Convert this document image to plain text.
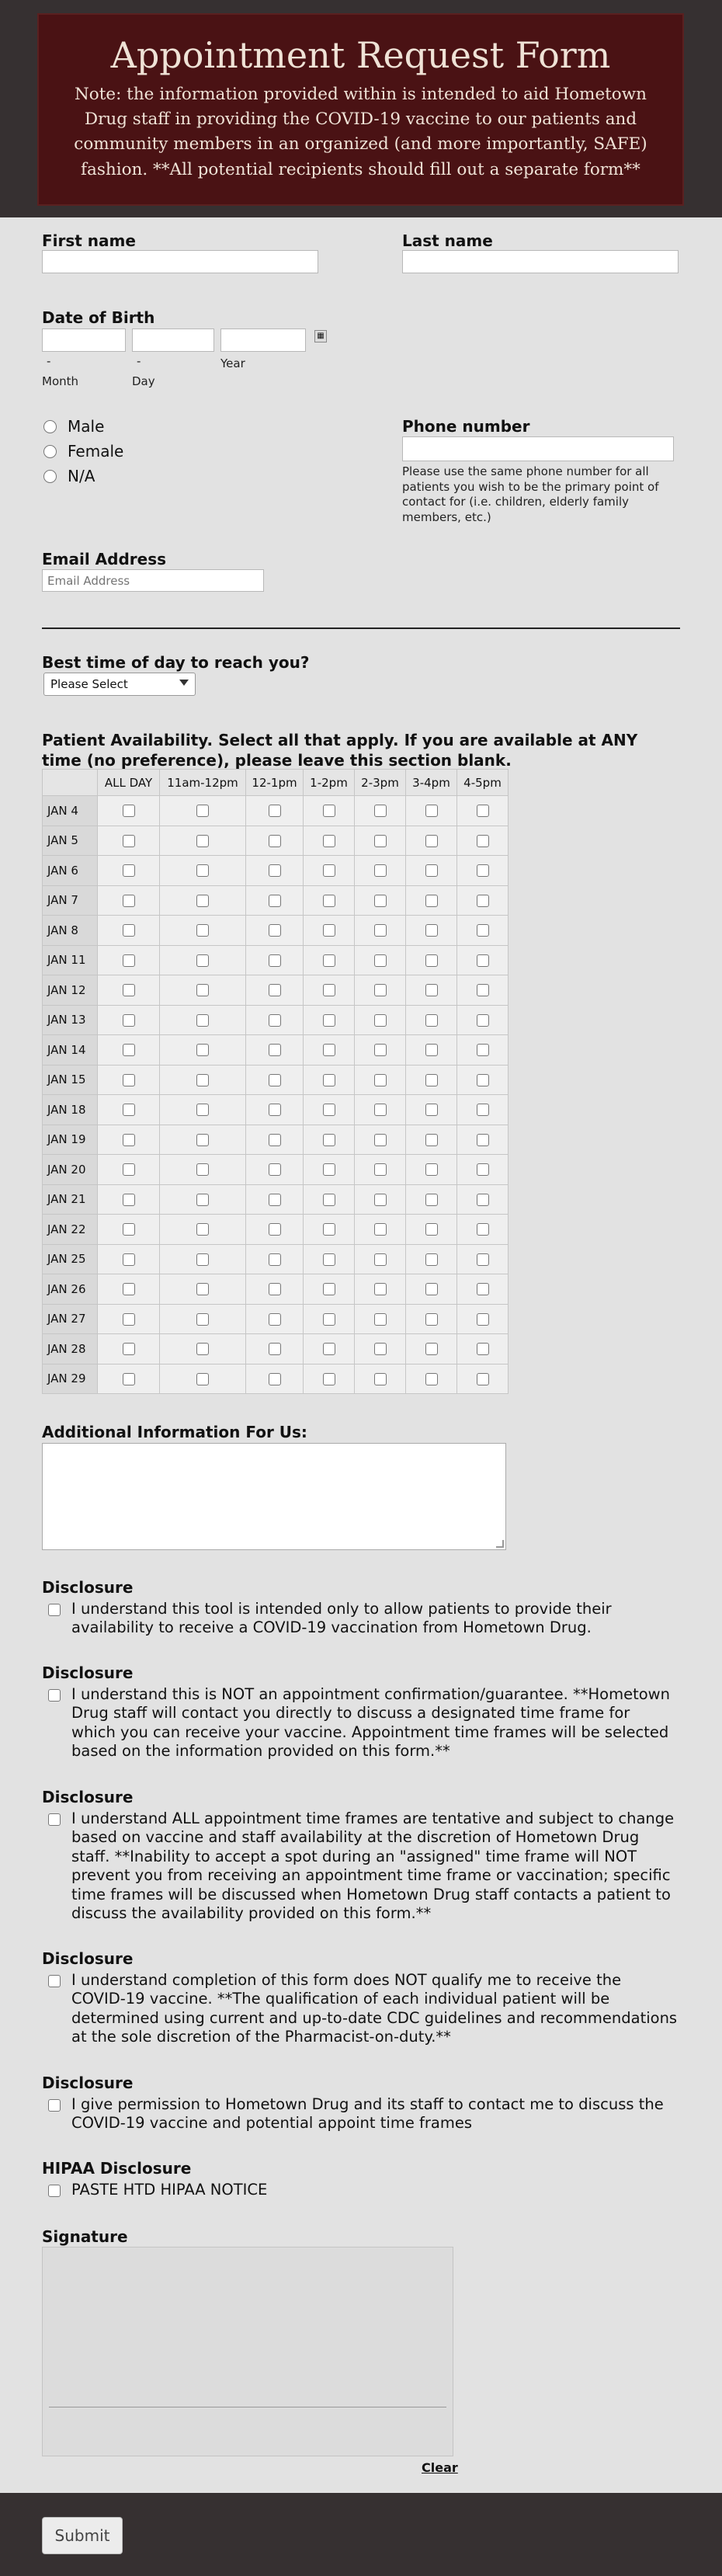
Appointment Request Form

Note: the information provided within is intended to aid Hometown Drug staff in providing the COVID-19 vaccine to our patients and community members in an organized (and more importantly, SAFE) fashion. **All potential recipients should fill out a separate form**

First name	Last name
Date of Birth
▦
-	-
Month	Day
Year
Male
Female
N/A
Phone number
Please use the same phone number for all patients you wish to be the primary point of contact for (i.e. children, elderly family members, etc.)
Email Address
Email Address
Best time of day to reach you?
Please Select
Patient Availability. Select all that apply. If you are available at ANY time (no preference), please leave this section blank.
	ALL DAY	11am-12pm	12-1pm	1-2pm	2-3pm	3-4pm	4-5pm
JAN 4							
JAN 5							
JAN 6							
JAN 7							
JAN 8							
JAN 11							
JAN 12							
JAN 13							
JAN 14							
JAN 15							
JAN 18							
JAN 19							
JAN 20							
JAN 21							
JAN 22							
JAN 25							
JAN 26							
JAN 27							
JAN 28							
JAN 29							
Additional Information For Us:
Disclosure
I understand this tool is intended only to allow patients to provide their availability to receive a COVID-19 vaccination from Hometown Drug.
Disclosure
I understand this is NOT an appointment confirmation/guarantee. **Hometown Drug staff will contact you directly to discuss a designated time frame for which you can receive your vaccine. Appointment time frames will be selected based on the information provided on this form.**
Disclosure
I understand ALL appointment time frames are tentative and subject to change based on vaccine and staff availability at the discretion of Hometown Drug staff. **Inability to accept a spot during an "assigned" time frame will NOT prevent you from receiving an appointment time frame or vaccination; specific time frames will be discussed when Hometown Drug staff contacts a patient to discuss the availability provided on this form.**
Disclosure
I understand completion of this form does NOT qualify me to receive the COVID-19 vaccine. **The qualification of each individual patient will be determined using current and up-to-date CDC guidelines and recommendations at the sole discretion of the Pharmacist-on-duty.**
Disclosure
I give permission to Hometown Drug and its staff to contact me to discuss the COVID-19 vaccine and potential appoint time frames
HIPAA Disclosure
PASTE HTD HIPAA NOTICE
Signature
Clear
Submit
